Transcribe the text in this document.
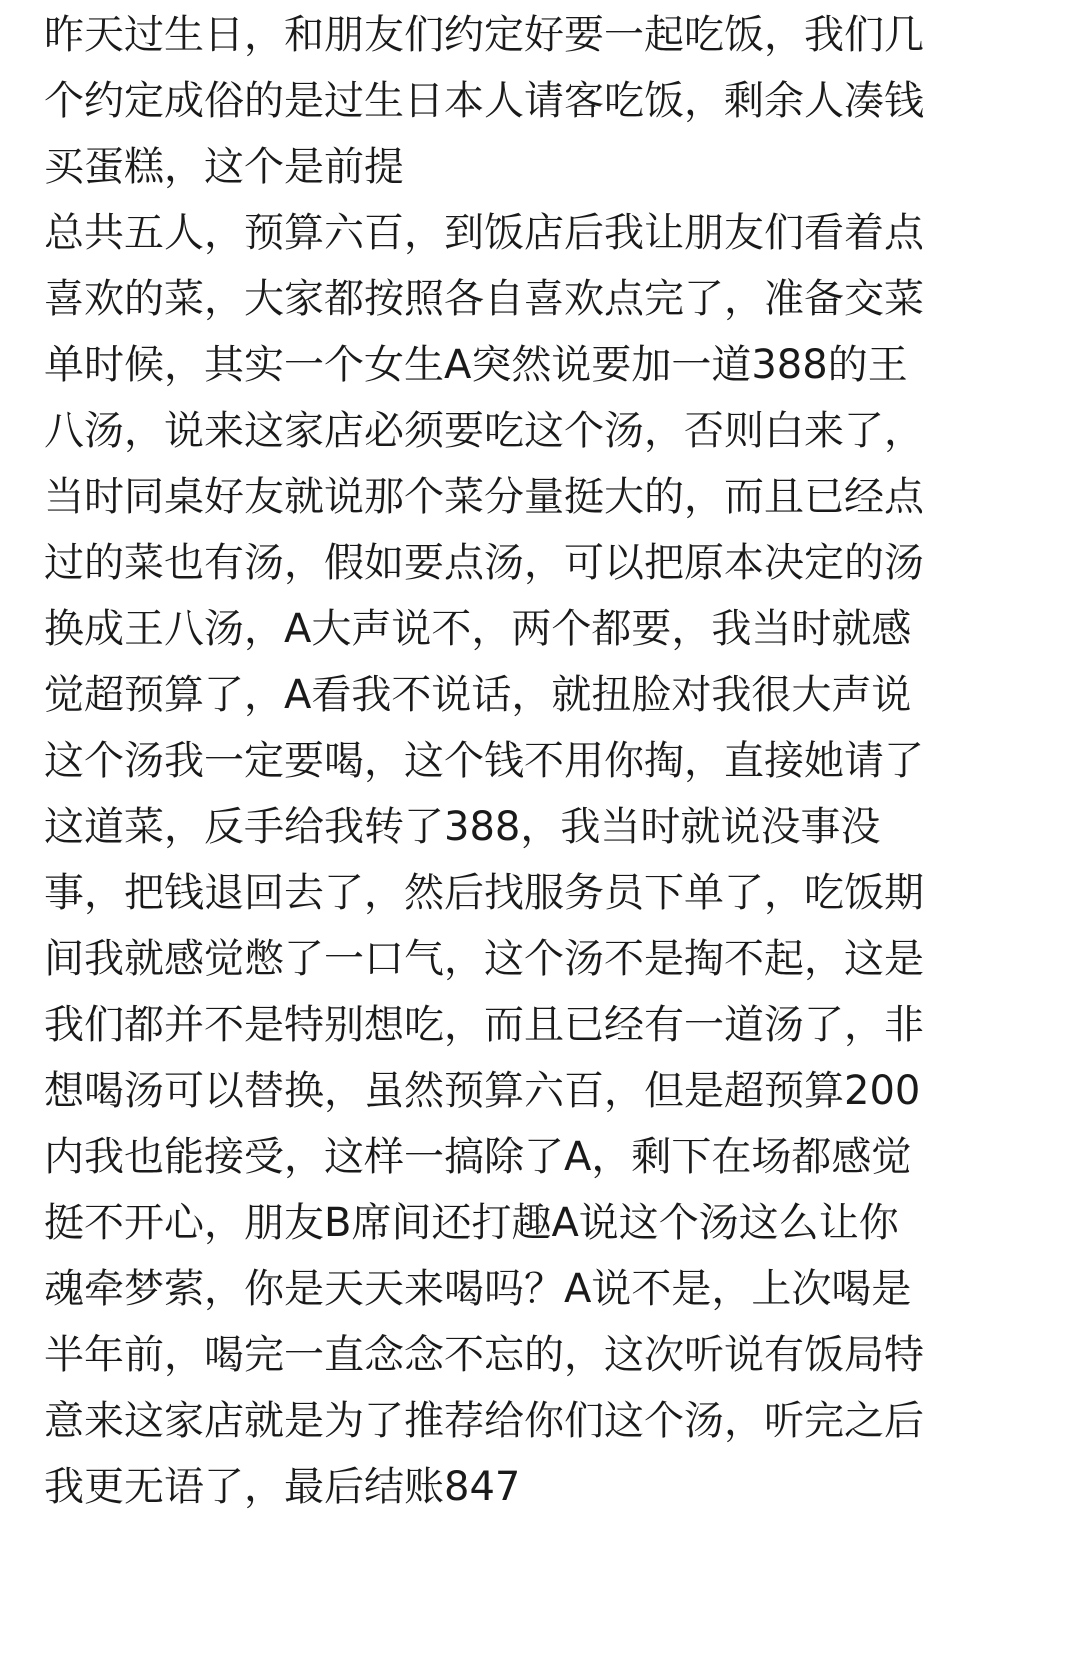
昨天过生日，和朋友们约定好要一起吃饭，我们几
个约定成俗的是过生日本人请客吃饭，剩余人凑钱
买蛋糕，这个是前提
总共五人，预算六百，到饭店后我让朋友们看着点
喜欢的菜，大家都按照各自喜欢点完了，准备交菜
单时候，其实一个女生A突然说要加一道388的王
八汤，说来这家店必须要吃这个汤，否则白来了，
当时同桌好友就说那个菜分量挺大的，而且已经点
过的菜也有汤，假如要点汤，可以把原本决定的汤
换成王八汤，A大声说不，两个都要，我当时就感
觉超预算了，A看我不说话，就扭脸对我很大声说
这个汤我一定要喝，这个钱不用你掏，直接她请了
这道菜，反手给我转了388，我当时就说没事没
事，把钱退回去了，然后找服务员下单了，吃饭期
间我就感觉憋了一口气，这个汤不是掏不起，这是
我们都并不是特别想吃，而且已经有一道汤了，非
想喝汤可以替换，虽然预算六百，但是超预算200
内我也能接受，这样一搞除了A，剩下在场都感觉
挺不开心，朋友B席间还打趣A说这个汤这么让你
魂牵梦萦，你是天天来喝吗？A说不是，上次喝是
半年前，喝完一直念念不忘的，这次听说有饭局特
意来这家店就是为了推荐给你们这个汤，听完之后
我更无语了，最后结账847
